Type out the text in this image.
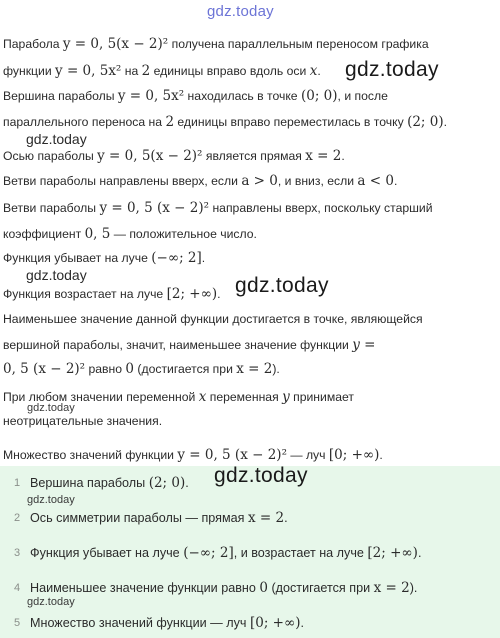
gdz.today
Парабола y = 0, 5(x − 2)² получена параллельным переносом графика
функции y = 0, 5x² на 2 единицы вправо вдоль оси x.
Вершина параболы y = 0, 5x² находилась в точке (0; 0), и после
параллельного переноса на 2 единицы вправо переместилась в точку (2; 0).
Осью параболы y = 0, 5(x − 2)² является прямая x = 2.
Ветви параболы направлены вверх, если a > 0, и вниз, если a < 0.
Ветви параболы y = 0, 5 (x − 2)² направлены вверх, поскольку старший
коэффициент 0, 5 — положительное число.
Функция убывает на луче (−∞; 2].
Функция возрастает на луче [2; +∞).
Наименьшее значение данной функции достигается в точке, являющейся
вершиной параболы, значит, наименьшее значение функции y =
0, 5 (x − 2)² равно 0 (достигается при x = 2).
При любом значении переменной x переменная y принимает
неотрицательные значения.
Множество значений функции y = 0, 5 (x − 2)² — луч [0; +∞).
1 Вершина параболы (2; 0).
2 Ось симметрии параболы — прямая x = 2.
3 Функция убывает на луче (−∞; 2], и возрастает на луче [2; +∞).
4 Наименьшее значение функции равно 0 (достигается при x = 2).
5 Множество значений функции — луч [0; +∞).
gdz.today
gdz.today
gdz.today	gdz.today
gdz.today
gdz.today
gdz.today
gdz.today
